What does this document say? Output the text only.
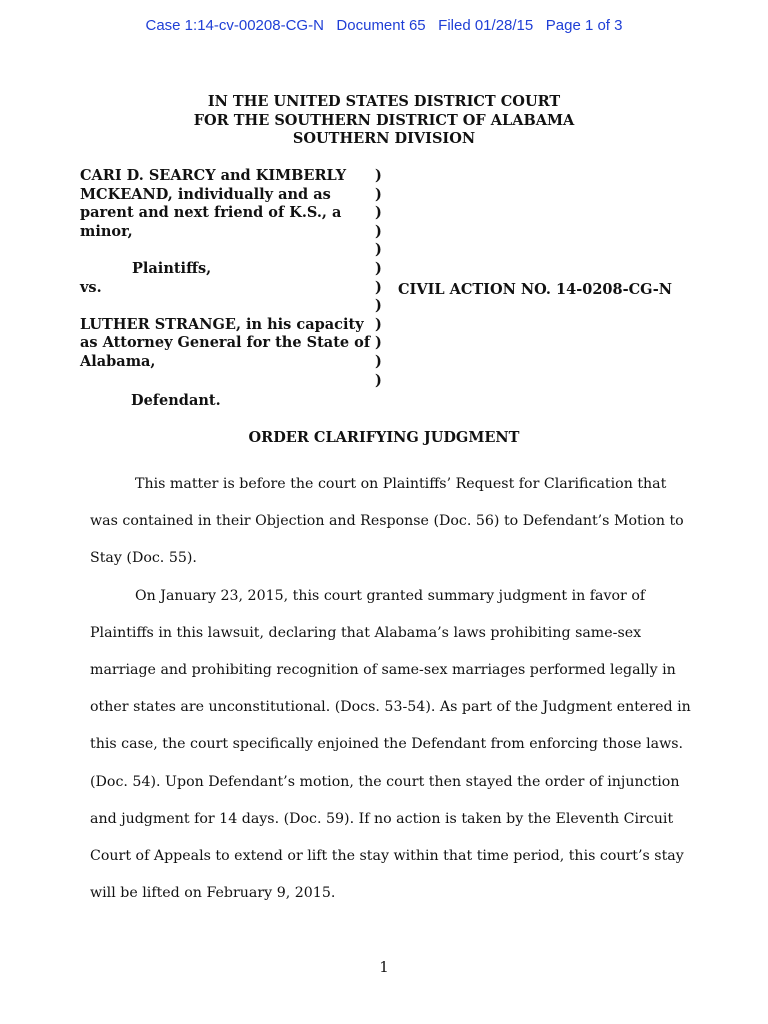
Case 1:14-cv-00208-CG-N Document 65 Filed 01/28/15 Page 1 of 3
IN THE UNITED STATES DISTRICT COURT
FOR THE SOUTHERN DISTRICT OF ALABAMA
SOUTHERN DIVISION
CARI D. SEARCY and KIMBERLY
MCKEAND, individually and as
parent and next friend of K.S., a
minor,
Plaintiffs,
vs.
LUTHER STRANGE, in his capacity
as Attorney General for the State of
Alabama,
)
)
)
)
)
)
)
)
)
)
)
)
CIVIL ACTION NO. 14-0208-CG-N
Defendant.
ORDER CLARIFYING JUDGMENT
This matter is before the court on Plaintiffs’ Request for Clarification that
was contained in their Objection and Response (Doc. 56) to Defendant’s Motion to
Stay (Doc. 55).
On January 23, 2015, this court granted summary judgment in favor of
Plaintiffs in this lawsuit, declaring that Alabama’s laws prohibiting same-sex
marriage and prohibiting recognition of same-sex marriages performed legally in
other states are unconstitutional. (Docs. 53-54). As part of the Judgment entered in
this case, the court specifically enjoined the Defendant from enforcing those laws.
(Doc. 54). Upon Defendant’s motion, the court then stayed the order of injunction
and judgment for 14 days. (Doc. 59). If no action is taken by the Eleventh Circuit
Court of Appeals to extend or lift the stay within that time period, this court’s stay
will be lifted on February 9, 2015.
1
